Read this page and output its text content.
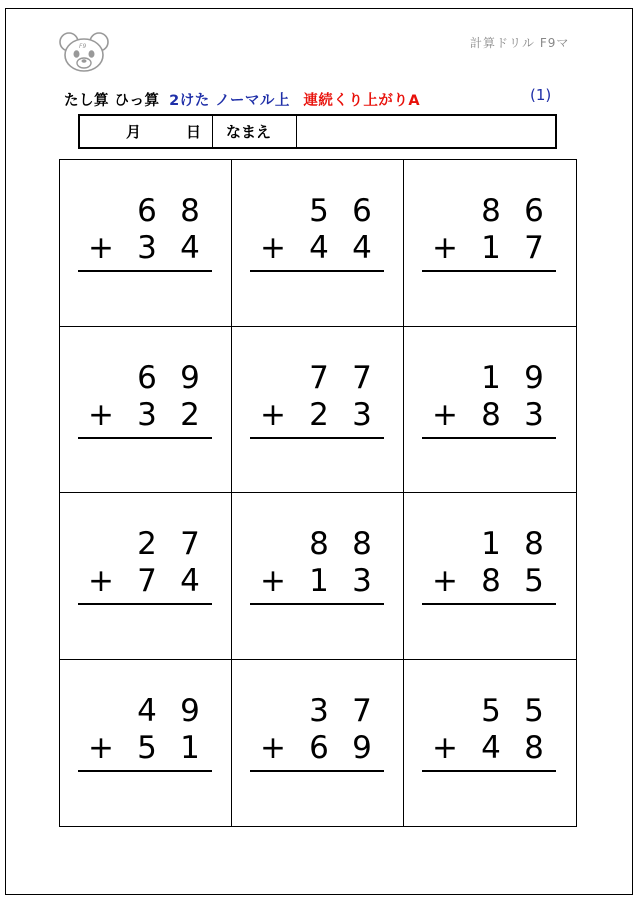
F9	計算ドリル F9マ
たし算 ひっ算 2けた ノーマル上 連続くり上がりA	(1)
月	日 なまえ
6 8
+ 3 4
5 6
+ 4 4
8 6
+ 1 7
6 9
+ 3 2
7 7
+ 2 3
1 9
+ 8 3
2 7
+ 7 4
8 8
+ 1 3
1 8
+ 8 5
4 9
+ 5 1
3 7
+ 6 9
5 5
+ 4 8
